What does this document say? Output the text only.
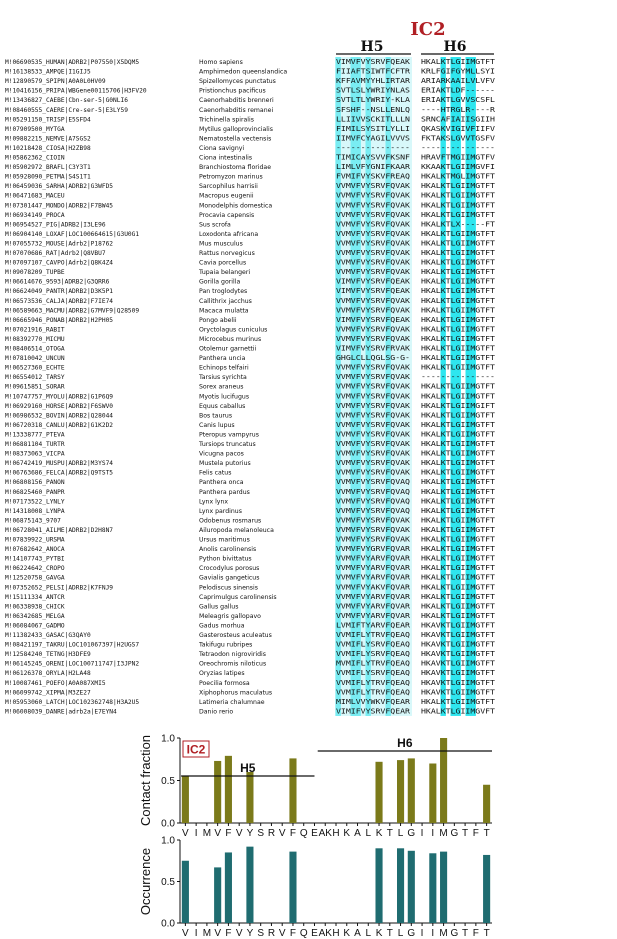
IC2
H5	H6
M!06690535_HUMAN|ADRB2|P07550|X5DQM5	Homo sapiens	VIMVFVYSRVFQEAK HKALKTLGIIMGTFT
M!16138533_AMPQE|I1GIJ5	Amphimedon queenslandica	FIIAFTSIWTFCFTR KRLFGIFGYMLLSYI
M!12890579_SPIPN|A0A0L0HV09	Spizellomyces punctatus	KFFAVMYYHLIRTAR ARIARKAAILVLVFV
M!10416156_PRIPA|WBGene00115706|H3FV20	Pristionchus pacificus	SVTLSLYWRIYNLAS ERIAKTLDF------
M!13436827_CAEBE|Cbn-ser-5|G0NLI6	Caenorhabditis brenneri	SVTLTLYWRIY-KLA ERIAKTLGVVSCSFL
M!08460555_CAERE|Cre-ser-5|E3LY59	Caenorhabditis remanei	SFSHF--NSLLENLQ ----HTRGLR----R
M!05291150_TRISP|E5SFD4	Trichinella spiralis	LLIIVVSCKITLLLN SRNCAFIAIISGIIH
M!07909500_MYTGA	Mytilus galloprovincialis	FIMILSYSITLYLLI QKASKVIGIVFIIFV
M!09882215_NEMVE|A7SGS2	Nematostella vectensis	IIMVFCYAGILVVVS FKTAKSLGVVTGSFV
M!10218428_CIOSA|H2ZB98	Ciona savignyi	--------------- ---------------
M!05862362_CIOIN	Ciona intestinalis	TIMICAYSVVFKSNF HRAVFTMGIIMGTFV
M!05902972_BRAFL|C3Y3T1	Branchiostoma floridae	LIMLVFYGNIFKAAR KKAAKTLGIIMGVFI
M!05928090_PETMA|S4S1T1	Petromyzon marinus	FVMIFVYSKVFREAQ HKALKTMGLIMGTFT
M!06459036_SARHA|ADRB2|G3WFD5	Sarcophilus harrisii	VVMVFVYSRVFQVAK HKALKTLGIIMGTFT
M!06471683_MACEU	Macropus eugenii	VVMVFVYSRVFQVAK HKALKTLGIIMGTFT
M!07301447_MONDO|ADRB2|F7BW45	Monodelphis domestica	VVMVFVYSRVFQVAK HKALKTLGIIMGTFT
M!06934149_PROCA	Procavia capensis	VVMVFVYSRVFQVAK HKALKTLGIIMGTFT
M!06954527_PIG|ADRB2|I3LE96	Sus scrofa	VVMVFVYSRVFQVAK HKALKTLX-----FT
M!06904140_LOXAF|LOC100664615|G3U0G1	Loxodonta africana	VVMVFVYSRVFQVAK HKALKTLGIIMGTFT
M!07055732_MOUSE|Adrb2|P18762	Mus musculus	VVMVFVYSRVFQVAK HKALKTLGIIMGTFT
M!07070686_RAT|Adrb2|Q8VBU7	Rattus norvegicus	VVMVFVYSRVFQVAK HKALKTLGIIMGTFT
M!07097107_CAVPO|Adrb2|Q8K4Z4	Cavia porcellus	VVMVFVYSRVFQVAK HKALKTLGIIMGTFT
M!09078209_TUPBE	Tupaia belangeri	VVMVFVYSRVFQVAK HKALKTLGIIMGTFT
M!06614676_9593|ADRB2|G3QRR6	Gorilla gorilla	VIMVFVYSRVFQEAK HKALKTLGIIMGTFT
M!06624049_PANTR|ADRB2|D3K5P1	Pan troglodytes	VIMVFVYSRVFQEAK HKALKTLGIIMGTFT
M!06573536_CALJA|ADRB2|F7IE74	Callithrix jacchus	VVMVFVYSRVFQVAK HKALKTLGIIMGTFT
M!06589663_MACMU|ADRB2|G7MVF9|Q28509	Macaca mulatta	VVMVFVYSRVFQVAK HKALKTLGIIMGTFT
M!06665946_PONAB|ADRB2|H2PH05	Pongo abelii	VIMVFVYSRVFQEAK HKALKTLGIIMGTFT
M!07021916_RABIT	Oryctolagus cuniculus	VVMVFVYSRVFQVAK HKALKTLGIIMGTFT
M!08392770_MICMU	Microcebus murinus	VVMVFVYSRVFQVAK HKALKTLGIIMGTFT
M!08406514_OTOGA	Otolemur garnettii	VIMVFVYSRVFRVAK HKALKTLGIIMGTFT
M!07810042_UNCUN	Panthera uncia	GHGLCLLQGLSG-G- HKALKTLGIIMGTFT
M!06527360_ECHTE	Echinops telfairi	VVMVFVYSRVFQVAK HKALKTLGIIMGTFT
M!06554012_TARSY	Tarsius syrichta	VVMVFVYSRVFQVAK ---------------
M!09615851_SORAR	Sorex araneus	VVMVFVYSRVFQVAK HKALKTLGIIMGTFT
M!10747757_MYOLU|ADRB2|G1P6Q9	Myotis lucifugus	VVMVFVYSRVFQVAK HKALKTLGIIMGTFT
M!06929160_HORSE|ADRB2|F6SWV0	Equus caballus	VVMVFVYSRVFQVAK HKALKTLGIIMGIFT
M!06986532_BOVIN|ADRB2|Q28044	Bos taurus	VVMVFVYSRVFQVAK HKALKTLGIIMGTFT
M!06720318_CANLU|ADRB2|G1K2D2	Canis lupus	VVMVFVYSRVFQVAK HKALKTLGIIMGTFT
M!13338777_PTEVA	Pteropus vampyrus	VVMVFVYSRVFQVAK HKALKTLGIIMGTFT
M!06881104_TURTR	Tursiops truncatus	VVMVFVYSRVFQVAK HKALKTLGIIMGTFT
M!08373063_VICPA	Vicugna pacos	VVMVFVYSRVFQVAK HKALKTLGIIMGTFT
M!06742419_MUSPU|ADRB2|M3YS74	Mustela putorius	VVMVFVYSRVFQVAK HKALKTLGIIMGTFT
M!06763686_FELCA|ADRB2|Q9TST5	Felis catus	VVMVFVYSRVFQVAK HKALKTLGIIMGTFT
M!06808156_PANON	Panthera onca	VVMVFVYSRVFQVAQ HKALKTLGIIMGTFT
M!06825460_PANPR	Panthera pardus	VVMVFVYSRVFQVAQ HKALKTLGIIMGTFT
M!07173522_LYNLY	Lynx lynx	VVMVFVYSRVFQVAQ HKALKTLGIIMGTFT
M!14318008_LYNPA	Lynx pardinus	VVMVFVYSRVFQVAQ HKALKTLGIIMGTFT
M!06875143_9707	Odobenus rosmarus	VVMVFVYSRVFQVAK HKALKTLGIIMGTFT
M!06728041_AILME|ADRB2|D2H8N7	Ailuropoda melanoleuca	VVMVFVYSRVFQVAK HKALKTLGIIMGTFT
M!07839922_URSMA	Ursus maritimus	VVMVFVYSRVFQVAK HKALKTLGIIMGTFT
M!07682642_ANOCA	Anolis carolinensis	VVMVFVYGRVFQVAR HKALKTLGIIMGTFT
M!14107743_PYTBI	Python bivittatus	VVMVFVYARVFQVAR HKALKTLGIIMGTFT
M!06224642_CROPO	Crocodylus porosus	VVMVFVYARVFQVAR HKALKTLGIIMGTFT
M!12520758_GAVGA	Gavialis gangeticus	VVMVFVYARVFQVAR HKALKTLGIIMGTFT
M!07352652_PELSI|ADRB2|K7FNJ9	Pelodiscus sinensis	VVMVFVYAKVFQVAR HKALKTLGIIMGTFT
M!15111334_ANTCR	Caprimulgus carolinensis	VVMVFVYARVFQVAR HKALKTLGIIMGTFT
M!06338938_CHICK	Gallus gallus	VVMVFVYARVFQVAR HKALKTLGIIMGTFT
M!06342685_MELGA	Meleagris gallopavo	VVMVFVYARVFQVAR HKALKTLGIIMGTFT
M!06084067_GADMO	Gadus morhua	LVMIFTYARVFQEAR HKAVKTLGIIMGTFT
M!11382433_GASAC|G3QAY0	Gasterosteus aculeatus	VVMIFLYTRVFQEAQ HKAVKTLGIIMGTFT
M!08421197_TAKRU|LOC101067397|H2UGS7	Takifugu rubripes	VVMIFLYSRVFQEAQ HKAVKTLGIIMGTFT
M!12584240_TETNG|H3DFE9	Tetraodon nigroviridis	VVMIFLYSRVFQEAQ HKAVKTLGIIMGTFT
M!06145245_ORENI|LOC100711747|I3JPN2	Oreochromis niloticus	MVMIFLYTRVFQEAQ HKAVKTLGIIMGTFT
M!06126378_ORYLA|H2LA48	Oryzias latipes	VVMIFLYSRVFQEAQ HKAVKTLGIIMGTFT
M!10087461_POEFO|A0A087XMI5	Poecilia formosa	VVMIFLYTRVFQEAQ HKAVKTLGIIMGTFT
M!06099742_XIPMA|M3ZE27	Xiphophorus maculatus	VVMIFLYTRVFQEAQ HKAVKTLGIIMGTFT
M!05953060_LATCH|LOC102362748|H3A2U5	Latimeria chalumnae	MIMLVVYWKVFQEAR HKALKTLGIIMGTFT
M!06008039_DANRE|adrb2a|E7EYN4	Danio rerio	VIMIFVYSRVFQEAR HKALKTLGIIMGVFT
0.0
0.5
1.0
V I M V F V Y S R V F Q E AK H K A L K T L G I I M G T F T
Contact fraction	IC2
H5
H6
0.0
0.5
1.0
V I M V F V Y S R V F Q E AK H K A L K T L G I I M G T F T
Occurrence
